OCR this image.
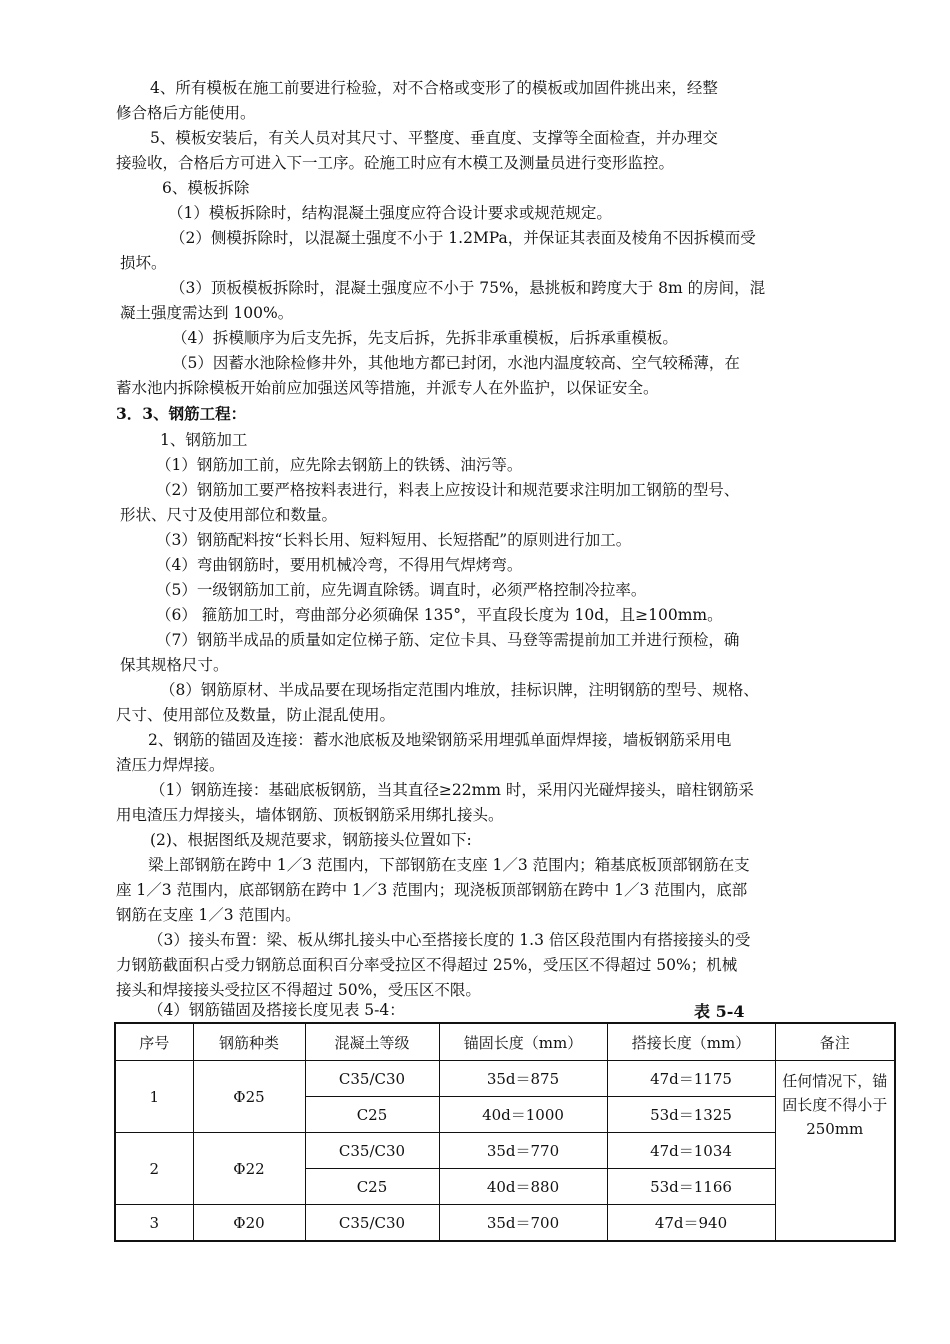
4、所有模板在施工前要进行检验，对不合格或变形了的模板或加固件挑出来，经整
修合格后方能使用。
5、模板安装后，有关人员对其尺寸、平整度、垂直度、支撑等全面检查，并办理交
接验收，合格后方可进入下一工序。砼施工时应有木模工及测量员进行变形监控。
6、模板拆除
（1）模板拆除时，结构混凝土强度应符合设计要求或规范规定。
（2）侧模拆除时，以混凝土强度不小于 1.2MPa，并保证其表面及棱角不因拆模而受
损坏。
（3）顶板模板拆除时，混凝土强度应不小于 75%，悬挑板和跨度大于 8m 的房间，混
凝土强度需达到 100%。
（4）拆模顺序为后支先拆，先支后拆，先拆非承重模板，后拆承重模板。
（5）因蓄水池除检修井外，其他地方都已封闭，水池内温度较高、空气较稀薄，在
蓄水池内拆除模板开始前应加强送风等措施，并派专人在外监护，以保证安全。
3．3、钢筋工程：
1、钢筋加工
（1）钢筋加工前，应先除去钢筋上的铁锈、油污等。
（2）钢筋加工要严格按料表进行，料表上应按设计和规范要求注明加工钢筋的型号、
形状、尺寸及使用部位和数量。
（3）钢筋配料按“长料长用、短料短用、长短搭配”的原则进行加工。
（4）弯曲钢筋时，要用机械冷弯，不得用气焊烤弯。
（5）一级钢筋加工前，应先调直除锈。调直时，必须严格控制冷拉率。
（6） 箍筋加工时，弯曲部分必须确保 135°，平直段长度为 10d，且≥100mm。
（7）钢筋半成品的质量如定位梯子筋、定位卡具、马登等需提前加工并进行预检，确
保其规格尺寸。
（8）钢筋原材、半成品要在现场指定范围内堆放，挂标识牌，注明钢筋的型号、规格、
尺寸、使用部位及数量，防止混乱使用。
2、钢筋的锚固及连接：蓄水池底板及地梁钢筋采用埋弧单面焊焊接，墙板钢筋采用电
渣压力焊焊接。
（1）钢筋连接：基础底板钢筋，当其直径≥22mm 时，采用闪光碰焊接头，暗柱钢筋采
用电渣压力焊接头，墙体钢筋、顶板钢筋采用绑扎接头。
(2)、根据图纸及规范要求，钢筋接头位置如下:
梁上部钢筋在跨中 1／3 范围内，下部钢筋在支座 1／3 范围内；箱基底板顶部钢筋在支
座 1／3 范围内，底部钢筋在跨中 1／3 范围内；现浇板顶部钢筋在跨中 1／3 范围内，底部
钢筋在支座 1／3 范围内。
（3）接头布置：梁、板从绑扎接头中心至搭接长度的 1.3 倍区段范围内有搭接接头的受
力钢筋截面积占受力钢筋总面积百分率受拉区不得超过 25%，受压区不得超过 50%；机械
接头和焊接接头受拉区不得超过 50%，受压区不限。
（4）钢筋锚固及搭接长度见表 5-4：	表 5-4
序号	钢筋种类	混凝土等级	锚固长度（mm）	搭接长度（mm）	备注
1	Φ25	C35/C30	35d＝875	47d＝1175	任何情况下，锚固长度不得小于250mm

		C25	40d＝1000	53d＝1325	
2	Φ22	C35/C30	35d＝770	47d＝1034	
		C25	40d＝880	53d＝1166	
3	Φ20	C35/C30	35d＝700	47d＝940	
